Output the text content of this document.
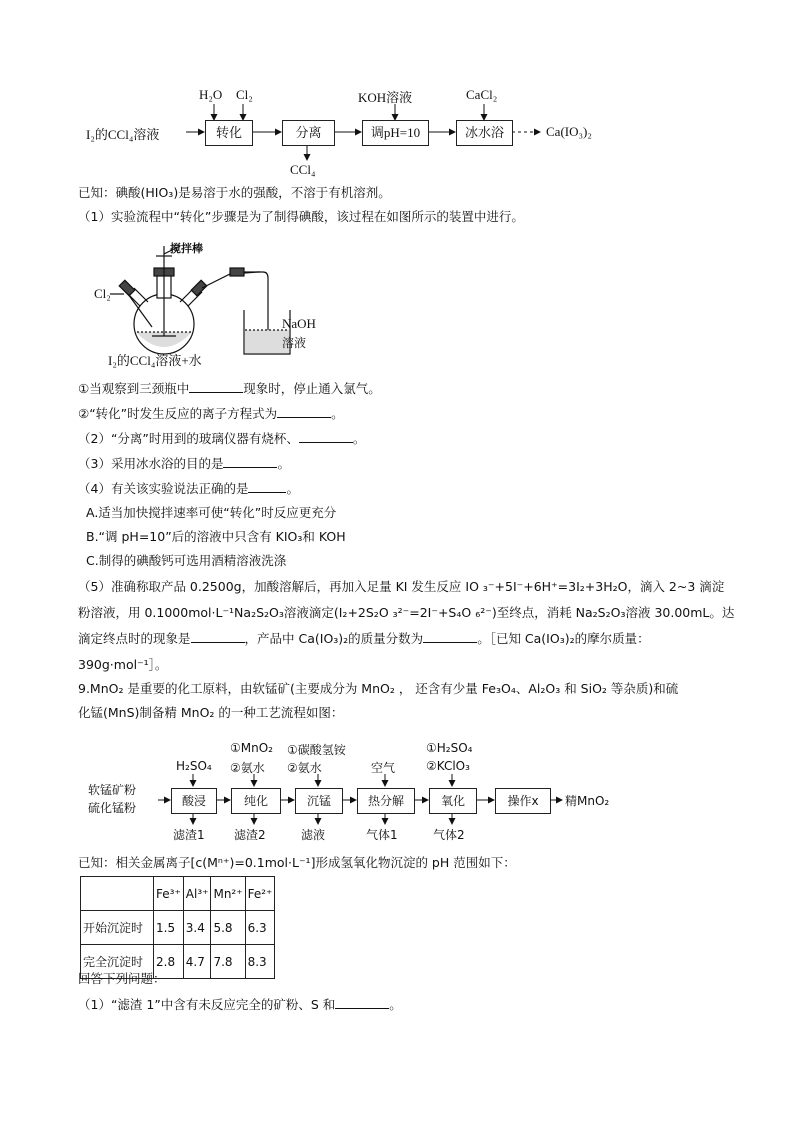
I₂的CCl₄溶液	转化	分离	调pH=10	冰水浴
H₂O Cl₂	KOH溶液	CaCl₂
CCl₄
Ca(IO₃)₂
已知：碘酸(HIO₃)是易溶于水的强酸，不溶于有机溶剂。
（1）实验流程中“转化”步骤是为了制得碘酸，该过程在如图所示的装置中进行。
搅拌棒
Cl₂
NaOH
溶液
I₂的CCl₄溶液+水
①当观察到三颈瓶中	现象时，停止通入氯气。
②“转化”时发生反应的离子方程式为	。
（2）“分离”时用到的玻璃仪器有烧杯、	。
（3）采用冰水浴的目的是	。
（4）有关该实验说法正确的是	。
A.适当加快搅拌速率可使“转化”时反应更充分
B.“调 pH=10”后的溶液中只含有 KIO₃和 KOH
C.制得的碘酸钙可选用酒精溶液洗涤
（5）准确称取产品 0.2500g，加酸溶解后，再加入足量 KI 发生反应 IO ₃⁻+5I⁻+6H⁺=3I₂+3H₂O，滴入 2~3 滴淀
粉溶液，用 0.1000mol·L⁻¹Na₂S₂O₃溶液滴定(I₂+2S₂O ₃²⁻=2I⁻+S₄O ₆²⁻)至终点，消耗 Na₂S₂O₃溶液 30.00mL。达
滴定终点时的现象是	，产品中 Ca(IO₃)₂的质量分数为	。［已知 Ca(IO₃)₂的摩尔质量：
390g·mol⁻¹］。
9.MnO₂ 是重要的化工原料，由软锰矿(主要成分为 MnO₂ ， 还含有少量 Fe₃O₄、Al₂O₃ 和 SiO₂ 等杂质)和硫
化锰(MnS)制备精 MnO₂ 的一种工艺流程如图：
软锰矿粉
硫化锰粉	酸浸	纯化	沉锰	热分解	氧化	操作x	精MnO₂
H₂SO₄
①MnO₂
②氨水
①碳酸氢铵
②氨水	空气
①H₂SO₄
②KClO₃
滤渣1 滤渣2	滤液	气体1	气体2
已知：相关金属离子[c(Mⁿ⁺)=0.1mol·L⁻¹]形成氢氧化物沉淀的 pH 范围如下：
	Fe³⁺	Al³⁺	Mn²⁺	Fe²⁺
开始沉淀时	1.5	3.4	5.8	6.3
完全沉淀时	2.8	4.7	7.8	8.3
回答下列问题：
（1）“滤渣 1”中含有未反应完全的矿粉、S 和	。
